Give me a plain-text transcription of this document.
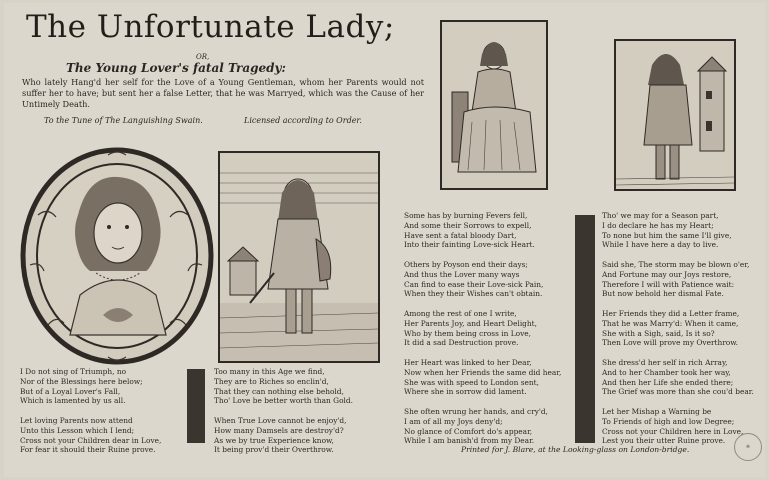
The Unfortunate Lady;
OR,
The Young Lover's fatal Tragedy:
Who lately Hang'd her self for the Love of a Young Gentleman, whom her Parents would not suffer her to have; but sent her a false Letter, that he was Marryed, which was the Cause of her Untimely Death.
To the Tune of The Languishing Swain.	Licensed according to Order.
I Do not sing of Triumph, no
Nor of the Blessings here below;
But of a Loyal Lover's Fall,
Which is lamented by us all.

Let loving Parents now attend
Unto this Lesson which I lend;
Cross not your Children dear in Love,
For fear it should their Ruine prove.
Too many in this Age we find,
They are to Riches so enclin'd,
That they can nothing else behold,
Tho' Love be better worth than Gold.

When True Love cannot be enjoy'd,
How many Damsels are destroy'd?
As we by true Experience know,
It being prov'd their Overthrow.
Some has by burning Fevers fell,
And some their Sorrows to expell,
Have sent a fatal bloody Dart,
Into their fainting Love-sick Heart.

Others by Poyson end their days;
And thus the Lover many ways
Can find to ease their Love-sick Pain,
When they their Wishes can't obtain.

Among the rest of one I write,
Her Parents Joy, and Heart Delight,
Who by them being cross in Love,
It did a sad Destruction prove.

Her Heart was linked to her Dear,
Now when her Friends the same did hear,
She was with speed to London sent,
Where she in sorrow did lament.

She often wrung her hands, and cry'd,
I am of all my Joys deny'd;
No glance of Comfort do's appear,
While I am banish'd from my Dear.
Tho' we may for a Season part,
I do declare he has my Heart;
To none but him the same I'll give,
While I have here a day to live.

Said she, The storm may be blown o'er,
And Fortune may our Joys restore,
Therefore I will with Patience wait:
But now behold her dismal Fate.

Her Friends they did a Letter frame,
That he was Marry'd: When it came,
She with a Sigh, said, Is it so?
Then Love will prove my Overthrow.

She dress'd her self in rich Array,
And to her Chamber took her way,
And then her Life she ended there;
The Grief was more than she cou'd bear.

Let her Mishap a Warning be
To Friends of high and low Degree;
Cross not your Children here in Love,
Lest you their utter Ruine prove.
Printed for J. Blare, at the Looking-glass on London-bridge.	❀
